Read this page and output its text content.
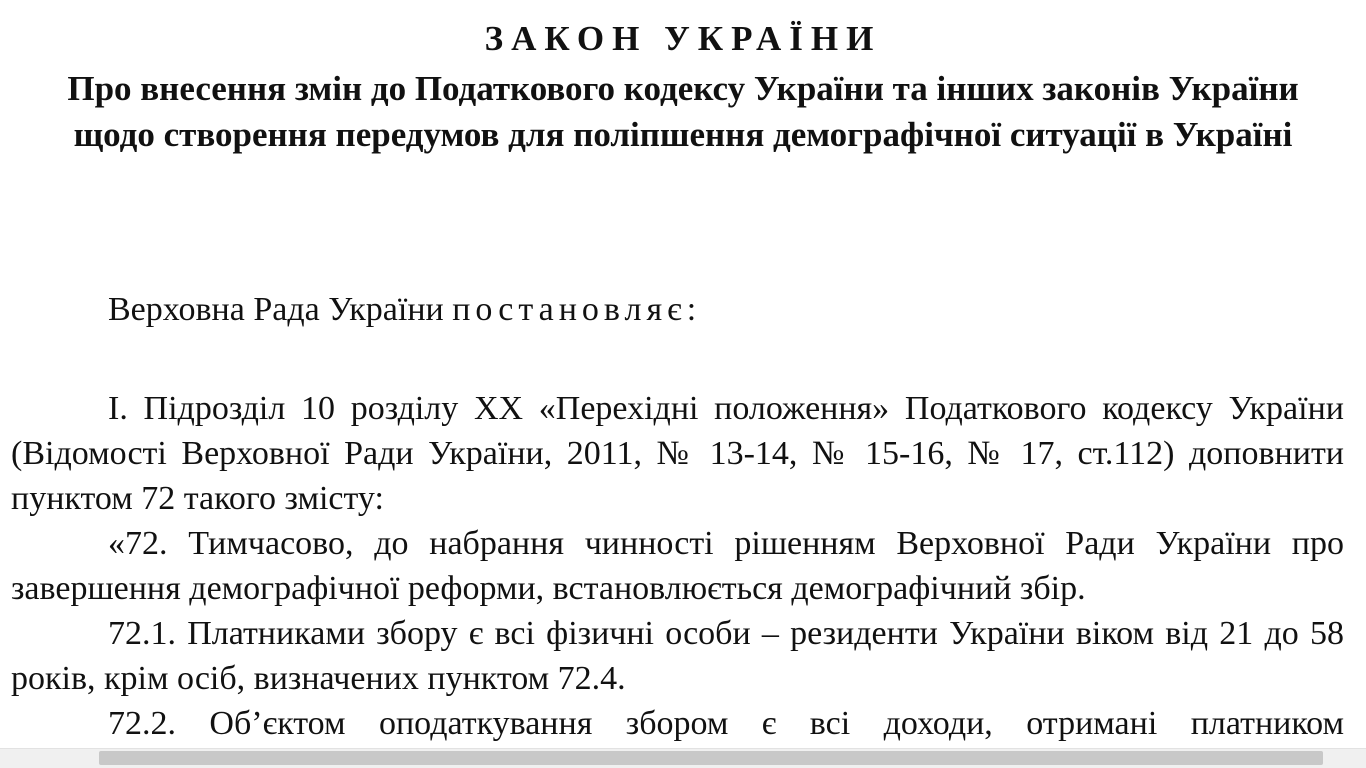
ЗАКОН УКРАЇНИ
Про внесення змін до Податкового кодексу України та інших законів України щодо створення передумов для поліпшення демографічної ситуації в Україні

Верховна Рада України постановляє:

І. Підрозділ 10 розділу ХХ «Перехідні положення» Податкового кодексу України (Відомості Верховної Ради України, 2011, № 13-14, № 15-16, № 17, ст.112) доповнити пунктом 72 такого змісту:

«72. Тимчасово, до набрання чинності рішенням Верховної Ради України про завершення демографічної реформи, встановлюється демографічний збір.

72.1. Платниками збору є всі фізичні особи – резиденти України віком від 21 до 58 років, крім осіб, визначених пунктом 72.4.

72.2. Об’єктом оподаткування збором є всі доходи, отримані платником
